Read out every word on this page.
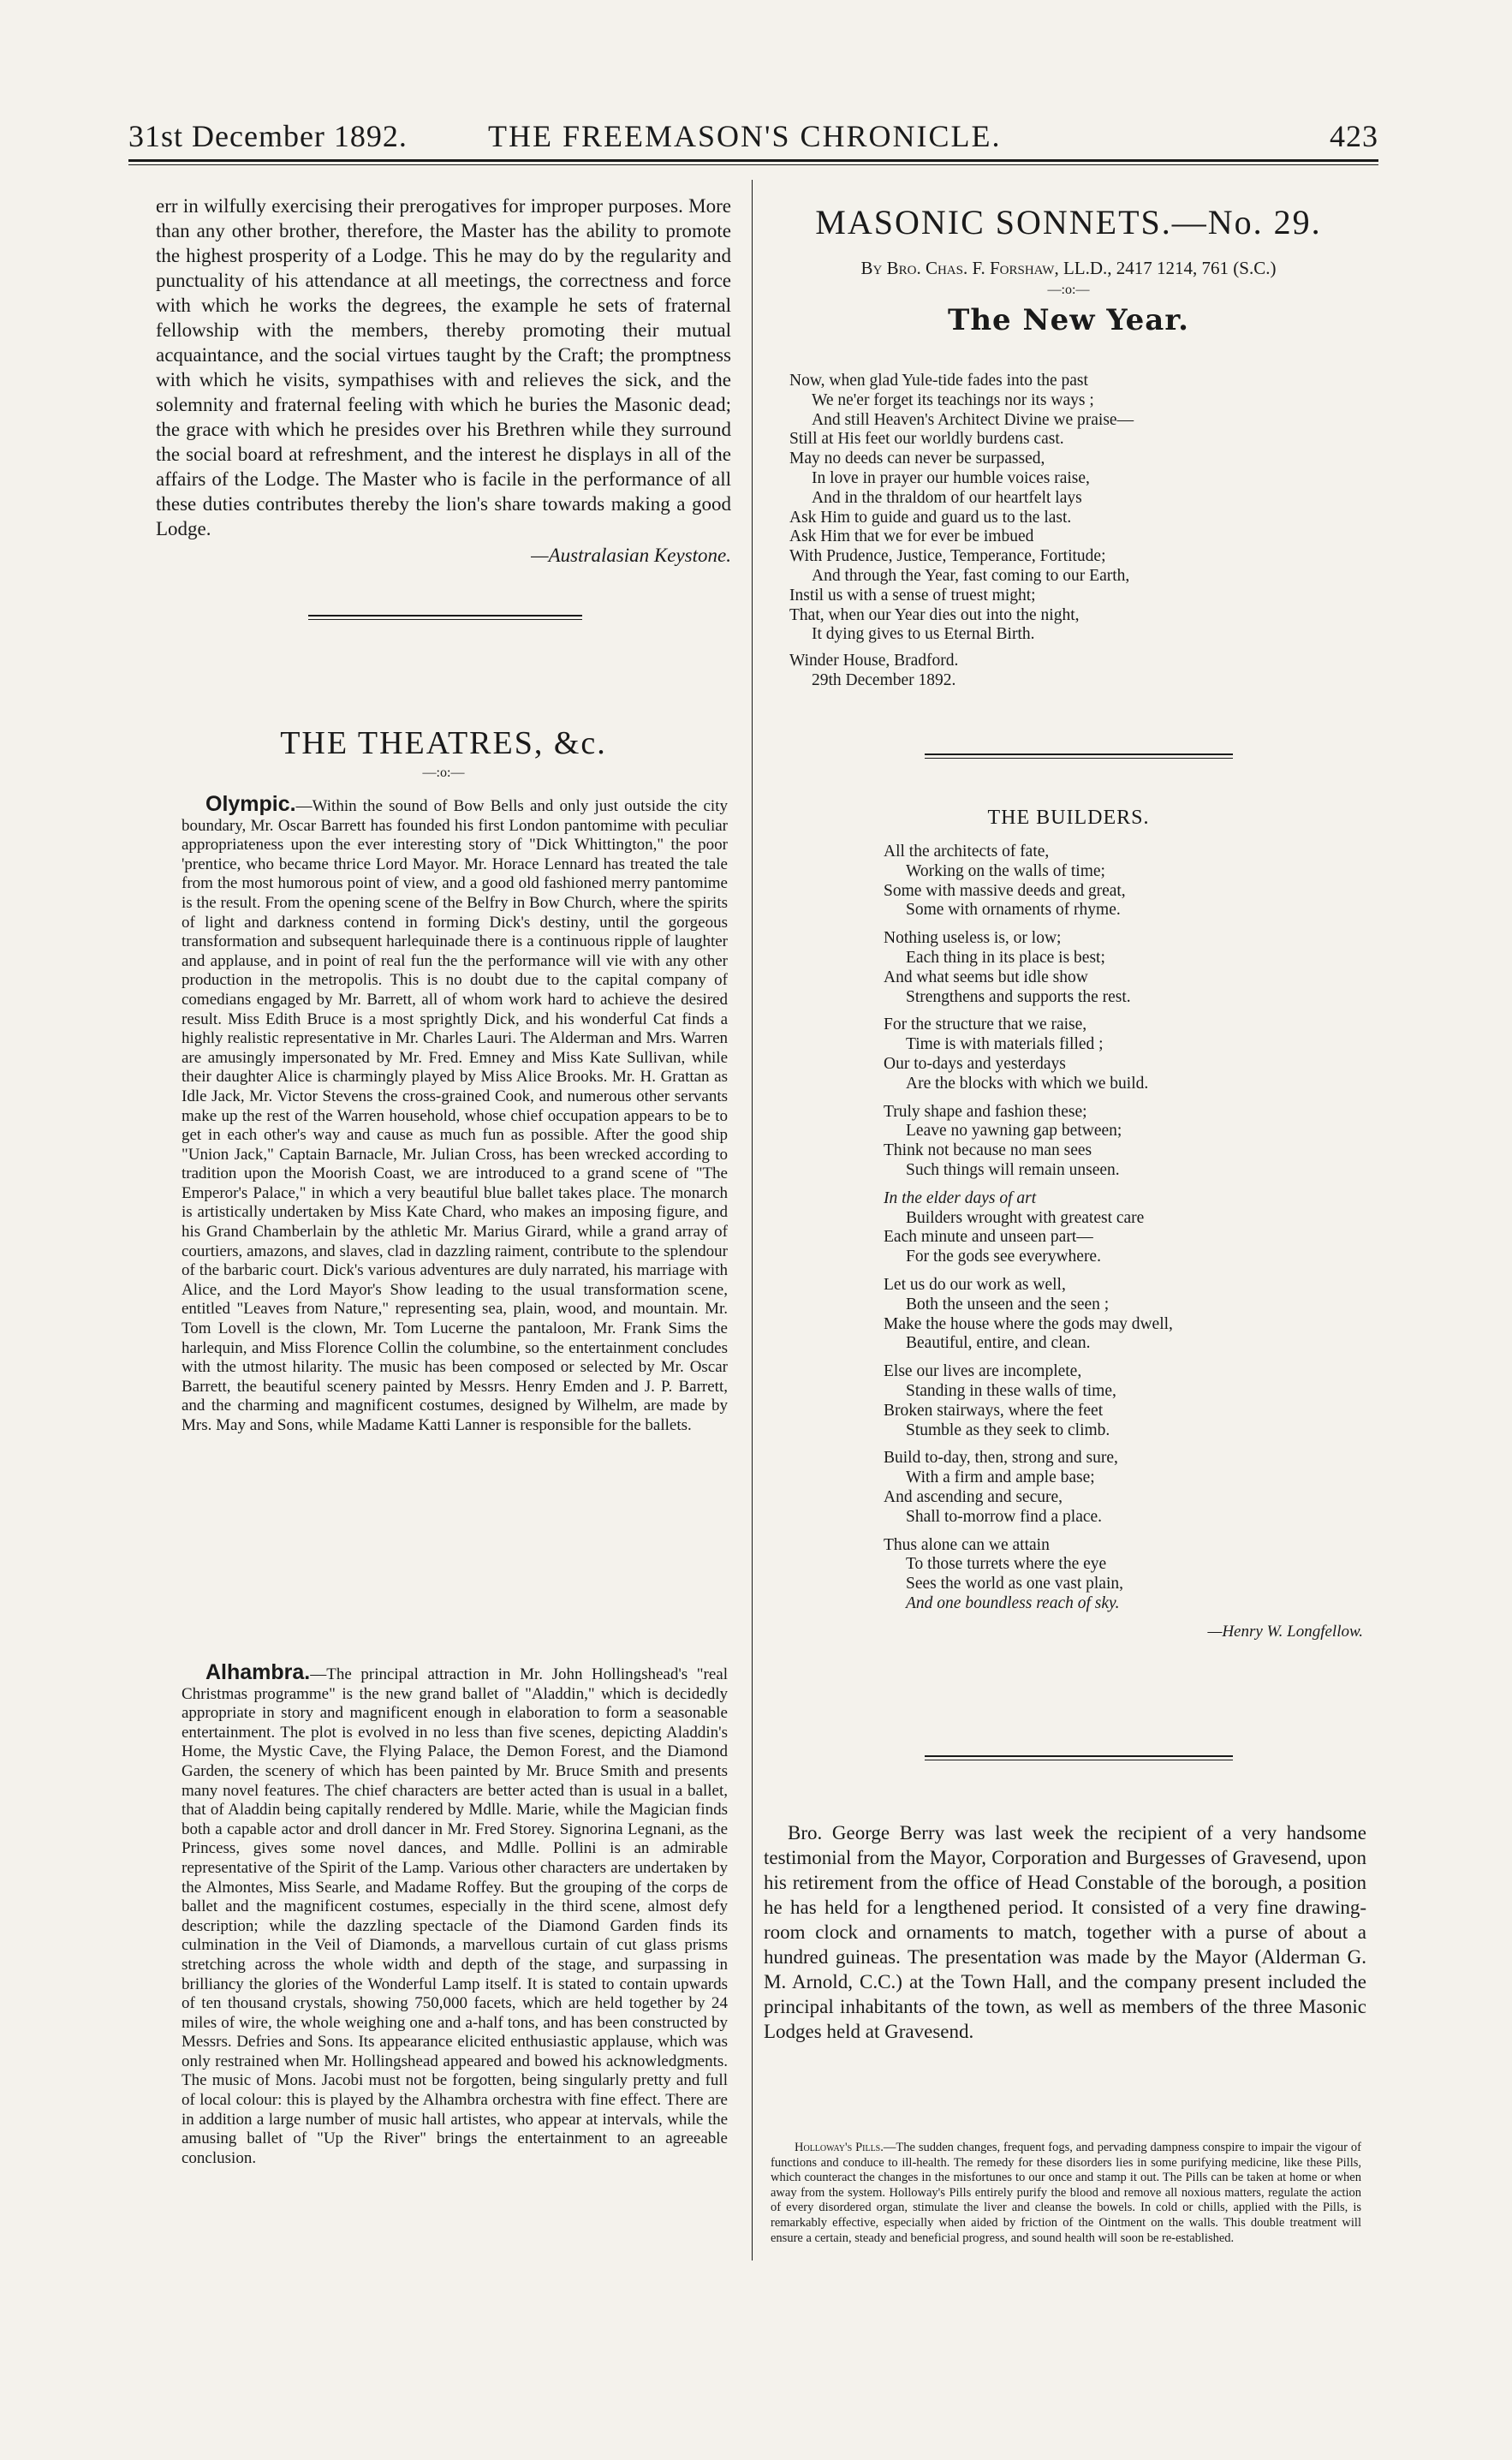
31st December 1892.	THE FREEMASON'S CHRONICLE.	423

err in wilfully exercising their prerogatives for improper purposes. More than any other brother, therefore, the Master has the ability to promote the highest prosperity of a Lodge. This he may do by the regularity and punctuality of his attendance at all meetings, the correctness and force with which he works the degrees, the example he sets of fraternal fellowship with the members, thereby promoting their mutual acquaintance, and the social virtues taught by the Craft; the promptness with which he visits, sympathises with and relieves the sick, and the solemnity and fraternal feeling with which he buries the Masonic dead; the grace with which he presides over his Brethren while they surround the social board at refreshment, and the interest he displays in all of the affairs of the Lodge. The Master who is facile in the performance of all these duties contributes thereby the lion's share towards making a good Lodge.

—Australasian Keystone.

THE THEATRES, &c.
—:o:—

Olympic.—Within the sound of Bow Bells and only just outside the city boundary, Mr. Oscar Barrett has founded his first London pantomime with peculiar appropriateness upon the ever interesting story of "Dick Whittington," the poor 'prentice, who became thrice Lord Mayor. Mr. Horace Lennard has treated the tale from the most humorous point of view, and a good old fashioned merry pantomime is the result. From the opening scene of the Belfry in Bow Church, where the spirits of light and darkness contend in forming Dick's destiny, until the gorgeous transformation and subsequent harlequinade there is a continuous ripple of laughter and applause, and in point of real fun the the performance will vie with any other production in the metropolis. This is no doubt due to the capital company of comedians engaged by Mr. Barrett, all of whom work hard to achieve the desired result. Miss Edith Bruce is a most sprightly Dick, and his wonderful Cat finds a highly realistic representative in Mr. Charles Lauri. The Alderman and Mrs. Warren are amusingly impersonated by Mr. Fred. Emney and Miss Kate Sullivan, while their daughter Alice is charmingly played by Miss Alice Brooks. Mr. H. Grattan as Idle Jack, Mr. Victor Stevens the cross-grained Cook, and numerous other servants make up the rest of the Warren household, whose chief occupation appears to be to get in each other's way and cause as much fun as possible. After the good ship "Union Jack," Captain Barnacle, Mr. Julian Cross, has been wrecked according to tradition upon the Moorish Coast, we are introduced to a grand scene of "The Emperor's Palace," in which a very beautiful blue ballet takes place. The monarch is artistically undertaken by Miss Kate Chard, who makes an imposing figure, and his Grand Chamberlain by the athletic Mr. Marius Girard, while a grand array of courtiers, amazons, and slaves, clad in dazzling raiment, contribute to the splendour of the barbaric court. Dick's various adventures are duly narrated, his marriage with Alice, and the Lord Mayor's Show leading to the usual transformation scene, entitled "Leaves from Nature," representing sea, plain, wood, and mountain. Mr. Tom Lovell is the clown, Mr. Tom Lucerne the pantaloon, Mr. Frank Sims the harlequin, and Miss Florence Collin the columbine, so the entertainment concludes with the utmost hilarity. The music has been composed or selected by Mr. Oscar Barrett, the beautiful scenery painted by Messrs. Henry Emden and J. P. Barrett, and the charming and magnificent costumes, designed by Wilhelm, are made by Mrs. May and Sons, while Madame Katti Lanner is responsible for the ballets.

Alhambra.—The principal attraction in Mr. John Hollingshead's "real Christmas programme" is the new grand ballet of "Aladdin," which is decidedly appropriate in story and magnificent enough in elaboration to form a seasonable entertainment. The plot is evolved in no less than five scenes, depicting Aladdin's Home, the Mystic Cave, the Flying Palace, the Demon Forest, and the Diamond Garden, the scenery of which has been painted by Mr. Bruce Smith and presents many novel features. The chief characters are better acted than is usual in a ballet, that of Aladdin being capitally rendered by Mdlle. Marie, while the Magician finds both a capable actor and droll dancer in Mr. Fred Storey. Signorina Legnani, as the Princess, gives some novel dances, and Mdlle. Pollini is an admirable representative of the Spirit of the Lamp. Various other characters are undertaken by the Almontes, Miss Searle, and Madame Roffey. But the grouping of the corps de ballet and the magnificent costumes, especially in the third scene, almost defy description; while the dazzling spectacle of the Diamond Garden finds its culmination in the Veil of Diamonds, a marvellous curtain of cut glass prisms stretching across the whole width and depth of the stage, and surpassing in brilliancy the glories of the Wonderful Lamp itself. It is stated to contain upwards of ten thousand crystals, showing 750,000 facets, which are held together by 24 miles of wire, the whole weighing one and a-half tons, and has been constructed by Messrs. Defries and Sons. Its appearance elicited enthusiastic applause, which was only restrained when Mr. Hollingshead appeared and bowed his acknowledgments. The music of Mons. Jacobi must not be forgotten, being singularly pretty and full of local colour: this is played by the Alhambra orchestra with fine effect. There are in addition a large number of music hall artistes, who appear at intervals, while the amusing ballet of "Up the River" brings the entertainment to an agreeable conclusion.

MASONIC SONNETS.—No. 29.
By Bro. Chas. F. Forshaw, LL.D., 2417 1214, 761 (S.C.)
—:o:—
The New Year.
Now, when glad Yule-tide fades into the past
We ne'er forget its teachings nor its ways ;
And still Heaven's Architect Divine we praise—
Still at His feet our worldly burdens cast.
May no deeds can never be surpassed,
In love in prayer our humble voices raise,
And in the thraldom of our heartfelt lays
Ask Him to guide and guard us to the last.
Ask Him that we for ever be imbued
With Prudence, Justice, Temperance, Fortitude;
And through the Year, fast coming to our Earth,
Instil us with a sense of truest might;
That, when our Year dies out into the night,
It dying gives to us Eternal Birth.
Winder House, Bradford.
29th December 1892.
THE BUILDERS.
All the architects of fate,
Working on the walls of time;
Some with massive deeds and great,
Some with ornaments of rhyme.
Nothing useless is, or low;
Each thing in its place is best;
And what seems but idle show
Strengthens and supports the rest.
For the structure that we raise,
Time is with materials filled ;
Our to-days and yesterdays
Are the blocks with which we build.
Truly shape and fashion these;
Leave no yawning gap between;
Think not because no man sees
Such things will remain unseen.
In the elder days of art
Builders wrought with greatest care
Each minute and unseen part—
For the gods see everywhere.
Let us do our work as well,
Both the unseen and the seen ;
Make the house where the gods may dwell,
Beautiful, entire, and clean.
Else our lives are incomplete,
Standing in these walls of time,
Broken stairways, where the feet
Stumble as they seek to climb.
Build to-day, then, strong and sure,
With a firm and ample base;
And ascending and secure,
Shall to-morrow find a place.
Thus alone can we attain
To those turrets where the eye
Sees the world as one vast plain,
And one boundless reach of sky.
—Henry W. Longfellow.

Bro. George Berry was last week the recipient of a very handsome testimonial from the Mayor, Corporation and Burgesses of Gravesend, upon his retirement from the office of Head Constable of the borough, a position he has held for a lengthened period. It consisted of a very fine drawing-room clock and ornaments to match, together with a purse of about a hundred guineas. The presentation was made by the Mayor (Alderman G. M. Arnold, C.C.) at the Town Hall, and the company present included the principal inhabitants of the town, as well as members of the three Masonic Lodges held at Gravesend.

Holloway's Pills.—The sudden changes, frequent fogs, and pervading dampness conspire to impair the vigour of functions and conduce to ill-health. The remedy for these disorders lies in some purifying medicine, like these Pills, which counteract the changes in the misfortunes to our once and stamp it out. The Pills can be taken at home or when away from the system. Holloway's Pills entirely purify the blood and remove all noxious matters, regulate the action of every disordered organ, stimulate the liver and cleanse the bowels. In cold or chills, applied with the Pills, is remarkably effective, especially when aided by friction of the Ointment on the walls. This double treatment will ensure a certain, steady and beneficial progress, and sound health will soon be re-established.
